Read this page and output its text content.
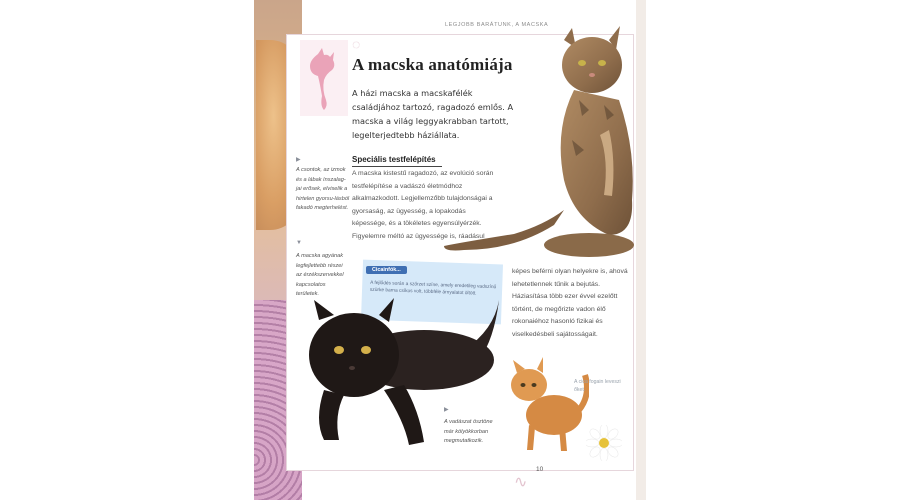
LEGJOBB BARÁTUNK, A MACSKA
◌
∿
A macska anatómiája
A házi macska a macskafélék családjához tartozó, ragadozó emlős. A macska a világ leggyakrabban tartott, legelterjedtebb háziállata.
Speciális testfelépítés
A macska kistestű ragadozó, az evolúció során testfelépítése a vadászó életmódhoz alkalmazkodott. Legjellemzőbb tulajdonságai a gyorsaság, az ügyesség, a lopakodás képessége, és a tökéletes egyensúlyérzék. Figyelemre méltó az ügyessége is, ráadásul
▶
A csontok, az izmok és a lábak ínszalag-jai erősek, elviselik a hirtelen gyorsu-lásból fakadó megterhelést.
▼
A macska agyának legfejlettebb részei az érzékszervekkel kapcsolatos területek.
▶
A vadászat ösztöne már kölyökkorban megmutatkozik.
Cicainfók...
A fejlődés során a szőrzet színe, amely eredetileg vadszínű szürke barna csíkos volt, többféle árnyalatot öltött.
képes beférni olyan helyekre is, ahová lehetetlennek tűnik a bejutás. Háziasítása több ezer évvel ezelőtt történt, de megőrizte vadon élő rokonaiéhoz hasonló fizikai és viselkedésbeli sajátosságait.
A cica fogain leveszi őket.
10
